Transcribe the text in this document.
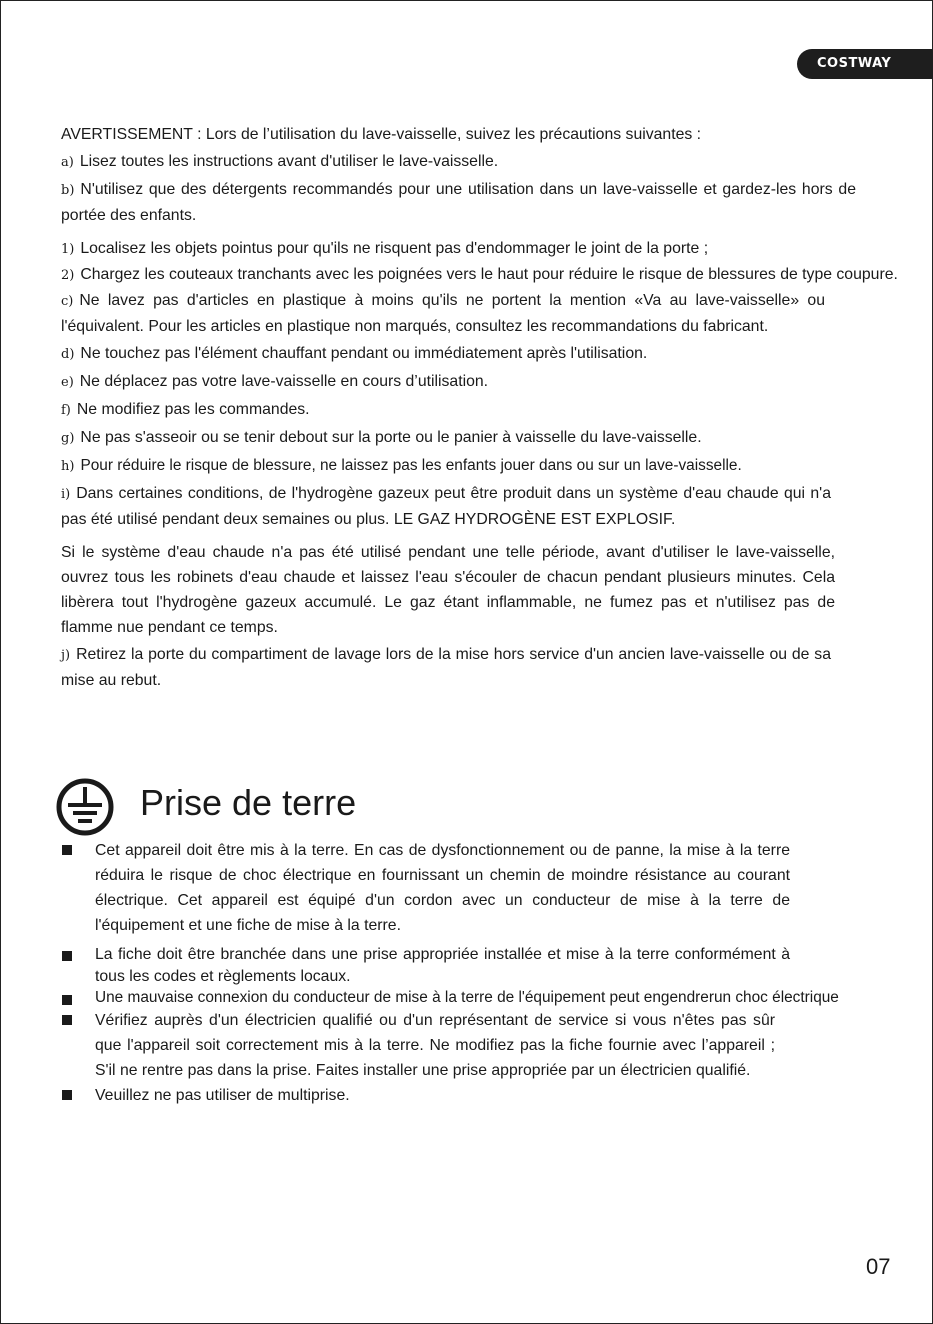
COSTWAY

AVERTISSEMENT : Lors de l’utilisation du lave-vaisselle, suivez les précautions suivantes :

a) Lisez toutes les instructions avant d'utiliser le lave-vaisselle.

b) N'utilisez que des détergents recommandés pour une utilisation dans un lave-vaisselle et gardez-les hors de portée des enfants.

1) Localisez les objets pointus pour qu'ils ne risquent pas d'endommager le joint de la porte ;

2) Chargez les couteaux tranchants avec les poignées vers le haut pour réduire le risque de blessures de type coupure.

c) Ne lavez pas d'articles en plastique à moins qu'ils ne portent la mention «Va au lave-vaisselle» ou l'équivalent. Pour les articles en plastique non marqués, consultez les recommandations du fabricant.

d) Ne touchez pas l'élément chauffant pendant ou immédiatement après l'utilisation.

e) Ne déplacez pas votre lave-vaisselle en cours d’utilisation.

f) Ne modifiez pas les commandes.

g) Ne pas s'asseoir ou se tenir debout sur la porte ou le panier à vaisselle du lave-vaisselle.

h) Pour réduire le risque de blessure, ne laissez pas les enfants jouer dans ou sur un lave-vaisselle.

i) Dans certaines conditions, de l'hydrogène gazeux peut être produit dans un système d'eau chaude qui n'a pas été utilisé pendant deux semaines ou plus. LE GAZ HYDROGÈNE EST EXPLOSIF.

Si le système d'eau chaude n'a pas été utilisé pendant une telle période, avant d'utiliser le lave-vaisselle, ouvrez tous les robinets d'eau chaude et laissez l'eau s'écouler de chacun pendant plusieurs minutes. Cela libèrera tout l'hydrogène gazeux accumulé. Le gaz étant inflammable, ne fumez pas et n'utilisez pas de flamme nue pendant ce temps.

j) Retirez la porte du compartiment de lavage lors de la mise hors service d'un ancien lave-vaisselle ou de sa mise au rebut.

Prise de terre

Cet appareil doit être mis à la terre. En cas de dysfonctionnement ou de panne, la mise à la terre réduira le risque de choc électrique en fournissant un chemin de moindre résistance au courant électrique. Cet appareil est équipé d'un cordon avec un conducteur de mise à la terre de l'équipement et une fiche de mise à la terre.

La fiche doit être branchée dans une prise appropriée installée et mise à la terre conformément à tous les codes et règlements locaux.

Une mauvaise connexion du conducteur de mise à la terre de l'équipement peut engendrerun choc électrique

Vérifiez auprès d'un électricien qualifié ou d'un représentant de service si vous n'êtes pas sûr que l'appareil soit correctement mis à la terre. Ne modifiez pas la fiche fournie avec l’appareil ; S'il ne rentre pas dans la prise. Faites installer une prise appropriée par un électricien qualifié.

Veuillez ne pas utiliser de multiprise.

07
